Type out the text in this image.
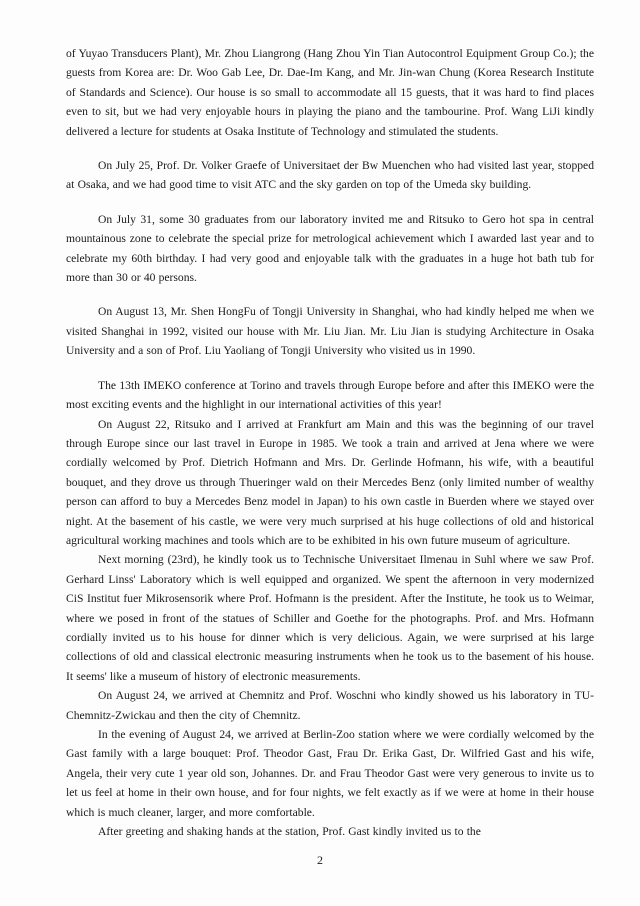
of Yuyao Transducers Plant), Mr. Zhou Liangrong (Hang Zhou Yin Tian Autocontrol Equipment Group Co.); the guests from Korea are: Dr. Woo Gab Lee, Dr. Dae-Im Kang, and Mr. Jin-wan Chung (Korea Research Institute of Standards and Science). Our house is so small to accommodate all 15 guests, that it was hard to find places even to sit, but we had very enjoyable hours in playing the piano and the tambourine. Prof. Wang LiJi kindly delivered a lecture for students at Osaka Institute of Technology and stimulated the students.

On July 25, Prof. Dr. Volker Graefe of Universitaet der Bw Muenchen who had visited last year, stopped at Osaka, and we had good time to visit ATC and the sky garden on top of the Umeda sky building.

On July 31, some 30 graduates from our laboratory invited me and Ritsuko to Gero hot spa in central mountainous zone to celebrate the special prize for metrological achievement which I awarded last year and to celebrate my 60th birthday. I had very good and enjoyable talk with the graduates in a huge hot bath tub for more than 30 or 40 persons.

On August 13, Mr. Shen HongFu of Tongji University in Shanghai, who had kindly helped me when we visited Shanghai in 1992, visited our house with Mr. Liu Jian. Mr. Liu Jian is studying Architecture in Osaka University and a son of Prof. Liu Yaoliang of Tongji University who visited us in 1990.

The 13th IMEKO conference at Torino and travels through Europe before and after this IMEKO were the most exciting events and the highlight in our international activities of this year!

On August 22, Ritsuko and I arrived at Frankfurt am Main and this was the beginning of our travel through Europe since our last travel in Europe in 1985. We took a train and arrived at Jena where we were cordially welcomed by Prof. Dietrich Hofmann and Mrs. Dr. Gerlinde Hofmann, his wife, with a beautiful bouquet, and they drove us through Thueringer wald on their Mercedes Benz (only limited number of wealthy person can afford to buy a Mercedes Benz model in Japan) to his own castle in Buerden where we stayed over night. At the basement of his castle, we were very much surprised at his huge collections of old and historical agricultural working machines and tools which are to be exhibited in his own future museum of agriculture.

Next morning (23rd), he kindly took us to Technische Universitaet Ilmenau in Suhl where we saw Prof. Gerhard Linss' Laboratory which is well equipped and organized. We spent the afternoon in very modernized CiS Institut fuer Mikrosensorik where Prof. Hofmann is the president. After the Institute, he took us to Weimar, where we posed in front of the statues of Schiller and Goethe for the photographs. Prof. and Mrs. Hofmann cordially invited us to his house for dinner which is very delicious. Again, we were surprised at his large collections of old and classical electronic measuring instruments when he took us to the basement of his house. It seems' like a museum of history of electronic measurements.

On August 24, we arrived at Chemnitz and Prof. Woschni who kindly showed us his laboratory in TU-Chemnitz-Zwickau and then the city of Chemnitz.

In the evening of August 24, we arrived at Berlin-Zoo station where we were cordially welcomed by the Gast family with a large bouquet: Prof. Theodor Gast, Frau Dr. Erika Gast, Dr. Wilfried Gast and his wife, Angela, their very cute 1 year old son, Johannes. Dr. and Frau Theodor Gast were very generous to invite us to let us feel at home in their own house, and for four nights, we felt exactly as if we were at home in their house which is much cleaner, larger, and more comfortable.

After greeting and shaking hands at the station, Prof. Gast kindly invited us to the

2
